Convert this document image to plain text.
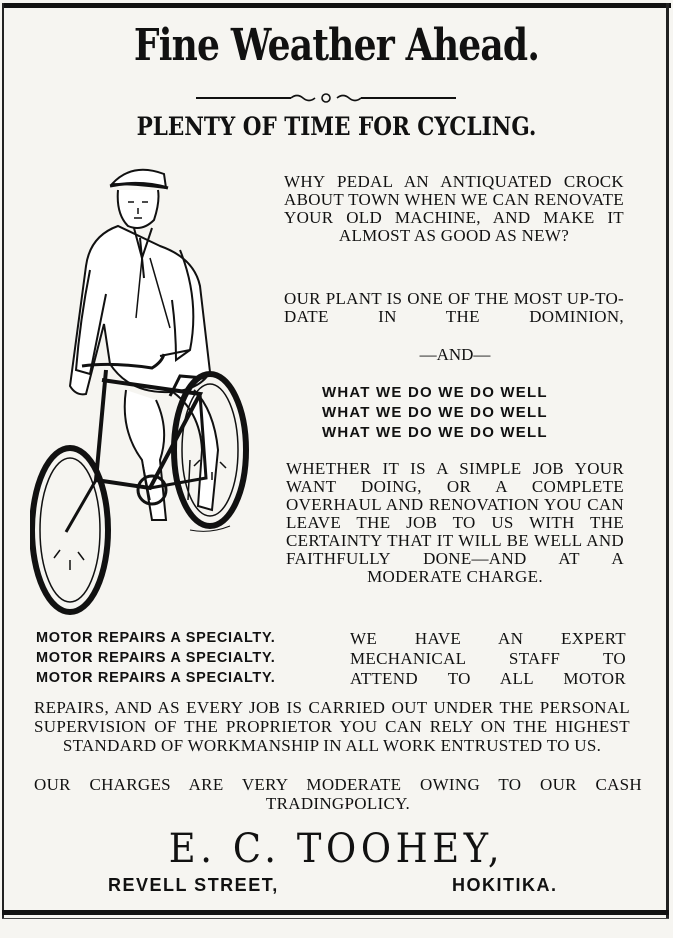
Fine Weather Ahead.
PLENTY OF TIME FOR CYCLING.
WHY PEDAL AN ANTIQUATED CROCK ABOUT TOWN WHEN WE CAN RENOVATE YOUR OLD MACHINE, AND MAKE IT ALMOST AS GOOD AS NEW?
OUR PLANT IS ONE OF THE MOST UP-TO-DATE IN THE DOMINION,
—AND—
WHAT WE DO WE DO WELL
WHAT WE DO WE DO WELL
WHAT WE DO WE DO WELL
WHETHER IT IS A SIMPLE JOB YOUR WANT DOING, OR A COMPLETE OVERHAUL AND RENOVATION YOU CAN LEAVE THE JOB TO US WITH THE CERTAINTY THAT IT WILL BE WELL AND FAITHFULLY DONE—AND AT A MODERATE CHARGE.
MOTOR REPAIRS A SPECIALTY.
MOTOR REPAIRS A SPECIALTY.
MOTOR REPAIRS A SPECIALTY.
WE HAVE AN EXPERT
MECHANICAL STAFF TO
ATTEND TO ALL MOTOR
REPAIRS, AND AS EVERY JOB IS CARRIED OUT UNDER THE PERSONAL SUPERVISION OF THE PROPRIETOR YOU CAN RELY ON THE HIGHEST STANDARD OF WORKMANSHIP IN ALL WORK ENTRUSTED TO US.
OUR CHARGES ARE VERY MODERATE OWING TO OUR CASH TRADINGPOLICY.
E. C. TOOHEY,
REVELL STREET,	HOKITIKA.
